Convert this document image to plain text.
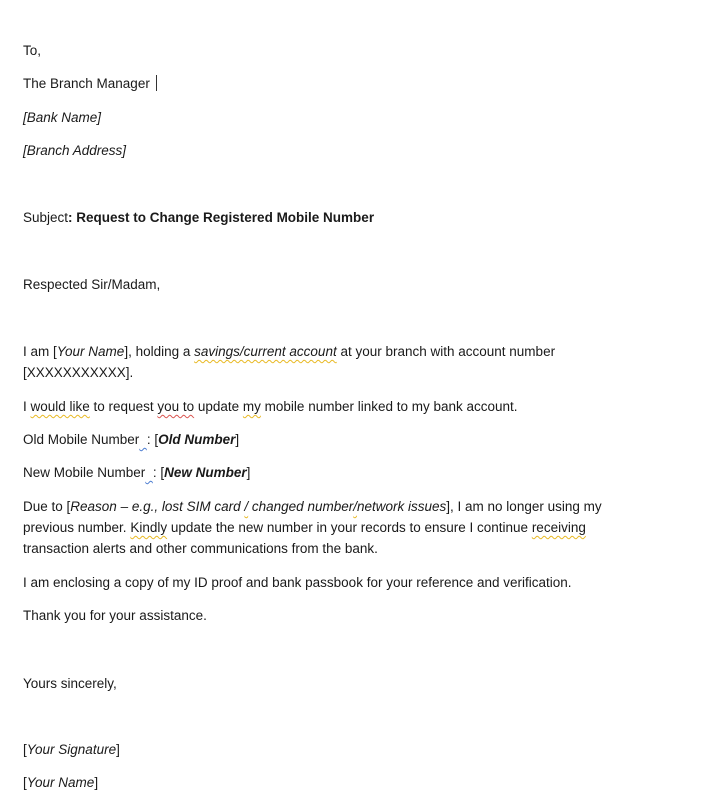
To,
The Branch Manager
[Bank Name]
[Branch Address]
Subject: Request to Change Registered Mobile Number
Respected Sir/Madam,
I am [Your Name], holding a savings/current account at your branch with account number
[XXXXXXXXXXX].
I would like to request you to update my mobile number linked to my bank account.
Old Mobile Number : [Old Number]
New Mobile Number : [New Number]
Due to [Reason – e.g., lost SIM card / changed number/network issues], I am no longer using my
previous number. Kindly update the new number in your records to ensure I continue receiving
transaction alerts and other communications from the bank.
I am enclosing a copy of my ID proof and bank passbook for your reference and verification.
Thank you for your assistance.
Yours sincerely,
[Your Signature]
[Your Name]
